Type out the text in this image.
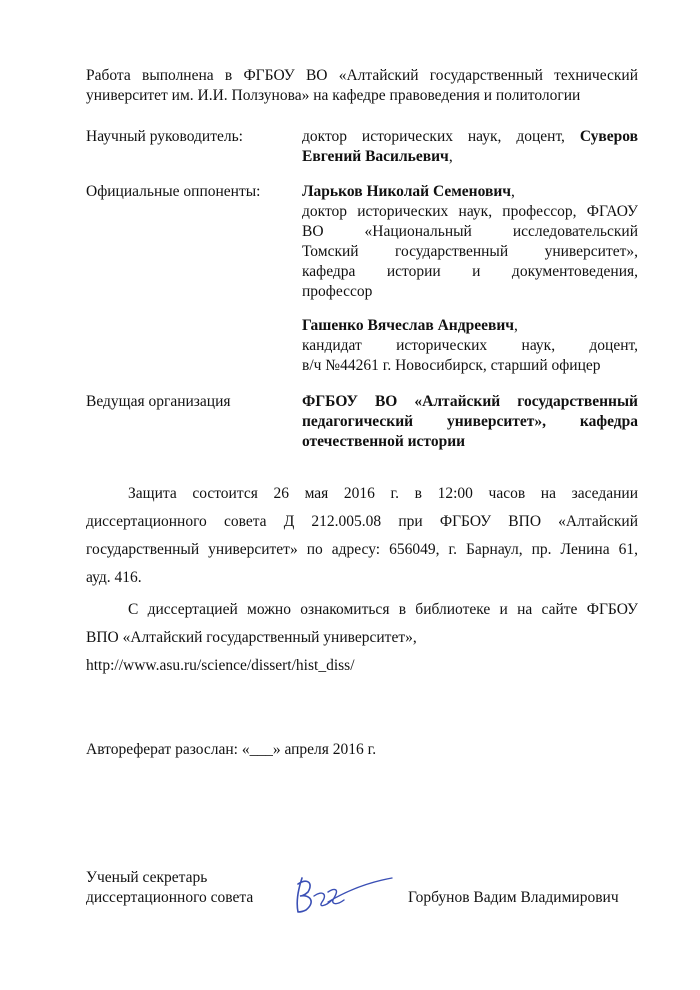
Работа выполнена в ФГБОУ ВО «Алтайский государственный технический
университет им. И.И. Ползунова» на кафедре правоведения и политологии
Научный руководитель:	доктор исторических наук, доцент, Суверов
Евгений Васильевич,
Официальные оппоненты:	Ларьков Николай Семенович,
доктор исторических наук, профессор, ФГАОУ
ВО «Национальный исследовательский
Томский государственный университет»,
кафедра истории и документоведения,
профессор
Гашенко Вячеслав Андреевич,
кандидат исторических наук, доцент,
в/ч №44261 г. Новосибирск, старший офицер
Ведущая организация	ФГБОУ ВО «Алтайский государственный
педагогический университет», кафедра
отечественной истории
Защита состоится 26 мая 2016 г. в 12:00 часов на заседании
диссертационного совета Д 212.005.08 при ФГБОУ ВПО «Алтайский
государственный университет» по адресу: 656049, г. Барнаул, пр. Ленина 61,
ауд. 416.
С диссертацией можно ознакомиться в библиотеке и на сайте ФГБОУ
ВПО «Алтайский государственный университет»,
http://www.asu.ru/science/dissert/hist_diss/
Автореферат разослан: «___» апреля 2016 г.
Ученый секретарь
диссертационного совета	Горбунов Вадим Владимирович
